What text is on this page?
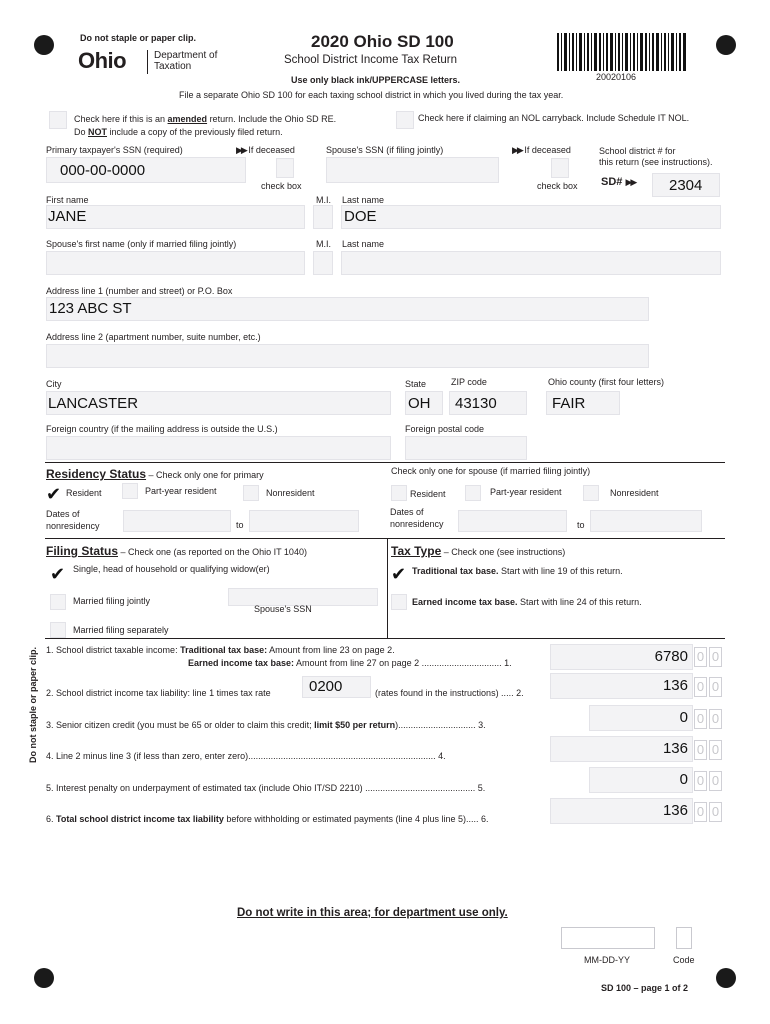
Do not staple or paper clip.
Ohio	Department of
Taxation
2020 Ohio SD 100
School District Income Tax Return
Use only black ink/UPPERCASE letters.	20020106
File a separate Ohio SD 100 for each taxing school district in which you lived during the tax year.
Check here if this is an amended return. Include the Ohio SD RE.
Do NOT include a copy of the previously filed return.
Check here if claiming an NOL carryback. Include Schedule IT NOL.
Primary taxpayer's SSN (required)
000-00-0000
▶▶ If deceased
check box
Spouse's SSN (if filing jointly)	▶▶ If deceased
check box
School district # for
this return (see instructions).
SD# ▶▶ 2304
First name
JANE
M.I. Last name
DOE
Spouse's first name (only if married filing jointly)	M.I. Last name
Address line 1 (number and street) or P.O. Box
123 ABC ST
Address line 2 (apartment number, suite number, etc.)
City
LANCASTER
State
OH
ZIP code
43130
Ohio county (first four letters)
FAIR
Foreign country (if the mailing address is outside the U.S.)	Foreign postal code
Residency Status – Check only one for primary	Check only one for spouse (if married filing jointly)
✔ Resident	Part-year resident	Nonresident	Resident	Part-year resident	Nonresident
Dates of
nonresidency	to
Dates of
nonresidency	to
Filing Status – Check one (as reported on the Ohio IT 1040)
✔ Single, head of household or qualifying widow(er)
Married filing jointly
Spouse's SSN
Married filing separately
Tax Type – Check one (see instructions)
✔ Traditional tax base. Start with line 19 of this return.
Earned income tax base. Start with line 24 of this return.
Do not staple or paper clip. 1. School district taxable income: Traditional tax base: Amount from line 23 on page 2.
Earned income tax base: Amount from line 27 on page 2 ................................ 1.	6780 0 0
2. School district income tax liability: line 1 times tax rate	0200	(rates found in the instructions) ..... 2.	136 0 0
3. Senior citizen credit (you must be 65 or older to claim this credit; limit $50 per return)............................... 3.	0 0 0
4. Line 2 minus line 3 (if less than zero, enter zero)........................................................................... 4.	136 0 0
5. Interest penalty on underpayment of estimated tax (include Ohio IT/SD 2210) ............................................ 5.	0 0 0
6. Total school district income tax liability before withholding or estimated payments (line 4 plus line 5)..... 6.	136 0 0
Do not write in this area; for department use only.
MM-DD-YY	Code
SD 100 – page 1 of 2
